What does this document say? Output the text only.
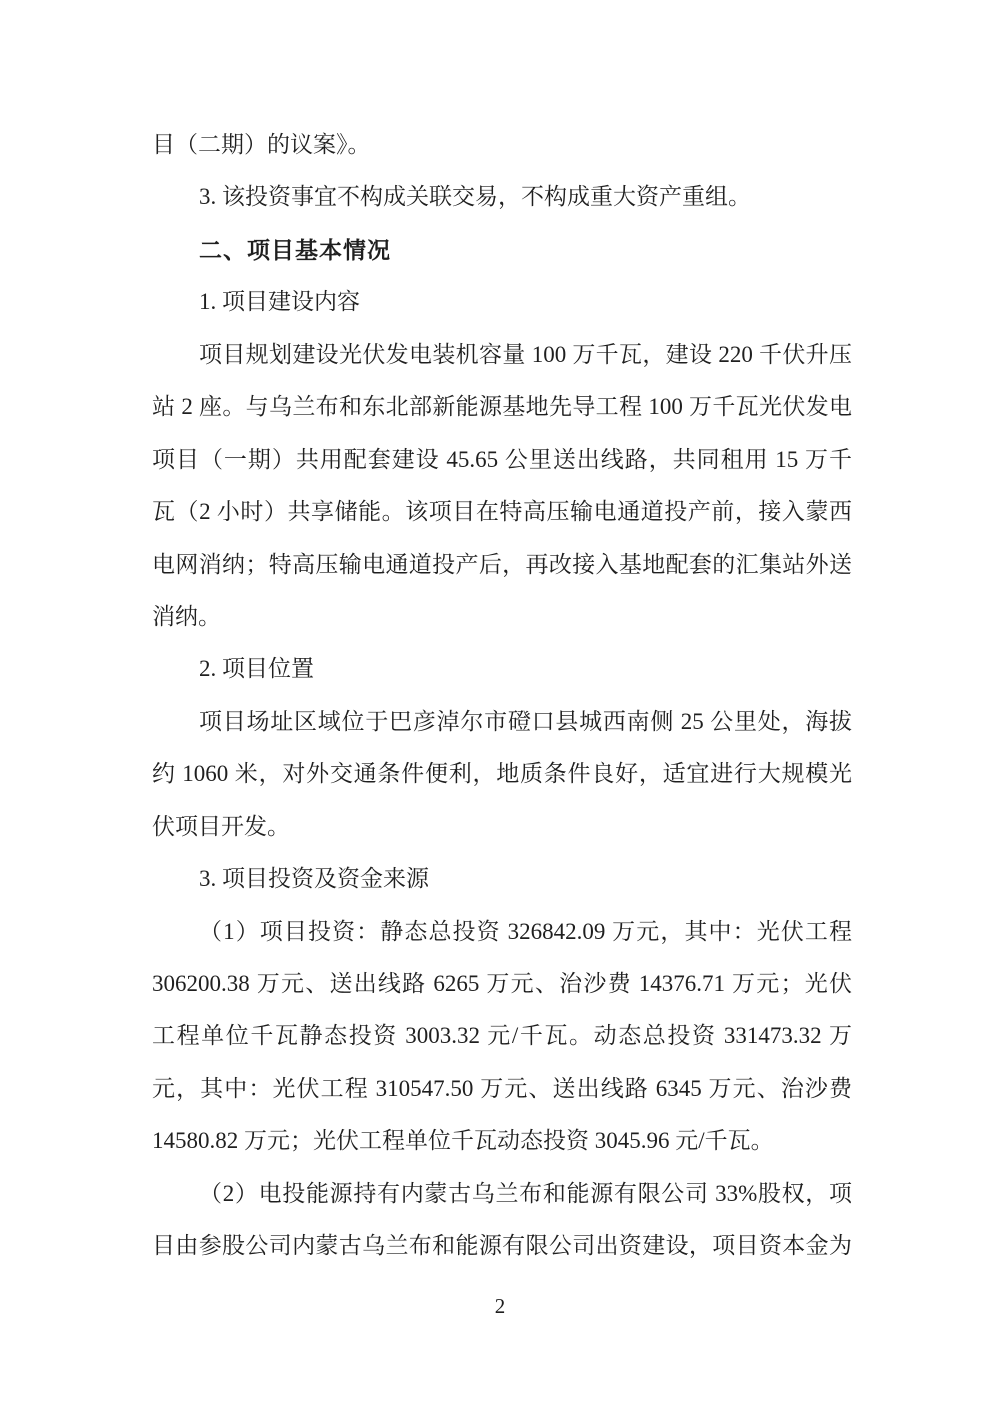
目（二期）的议案》。
3. 该投资事宜不构成关联交易，不构成重大资产重组。
二、项目基本情况
1. 项目建设内容
项目规划建设光伏发电装机容量 100 万千瓦，建设 220 千伏升压
站 2 座。与乌兰布和东北部新能源基地先导工程 100 万千瓦光伏发电
项目（一期）共用配套建设 45.65 公里送出线路，共同租用 15 万千
瓦（2 小时）共享储能。该项目在特高压输电通道投产前，接入蒙西
电网消纳；特高压输电通道投产后，再改接入基地配套的汇集站外送
消纳。
2. 项目位置
项目场址区域位于巴彦淖尔市磴口县城西南侧 25 公里处，海拔
约 1060 米，对外交通条件便利，地质条件良好，适宜进行大规模光
伏项目开发。
3. 项目投资及资金来源
（1）项目投资：静态总投资 326842.09 万元，其中：光伏工程
306200.38 万元、送出线路 6265 万元、治沙费 14376.71 万元；光伏
工程单位千瓦静态投资 3003.32 元/千瓦。动态总投资 331473.32 万
元，其中：光伏工程 310547.50 万元、送出线路 6345 万元、治沙费
14580.82 万元；光伏工程单位千瓦动态投资 3045.96 元/千瓦。
（2）电投能源持有内蒙古乌兰布和能源有限公司 33%股权，项
目由参股公司内蒙古乌兰布和能源有限公司出资建设，项目资本金为
2
